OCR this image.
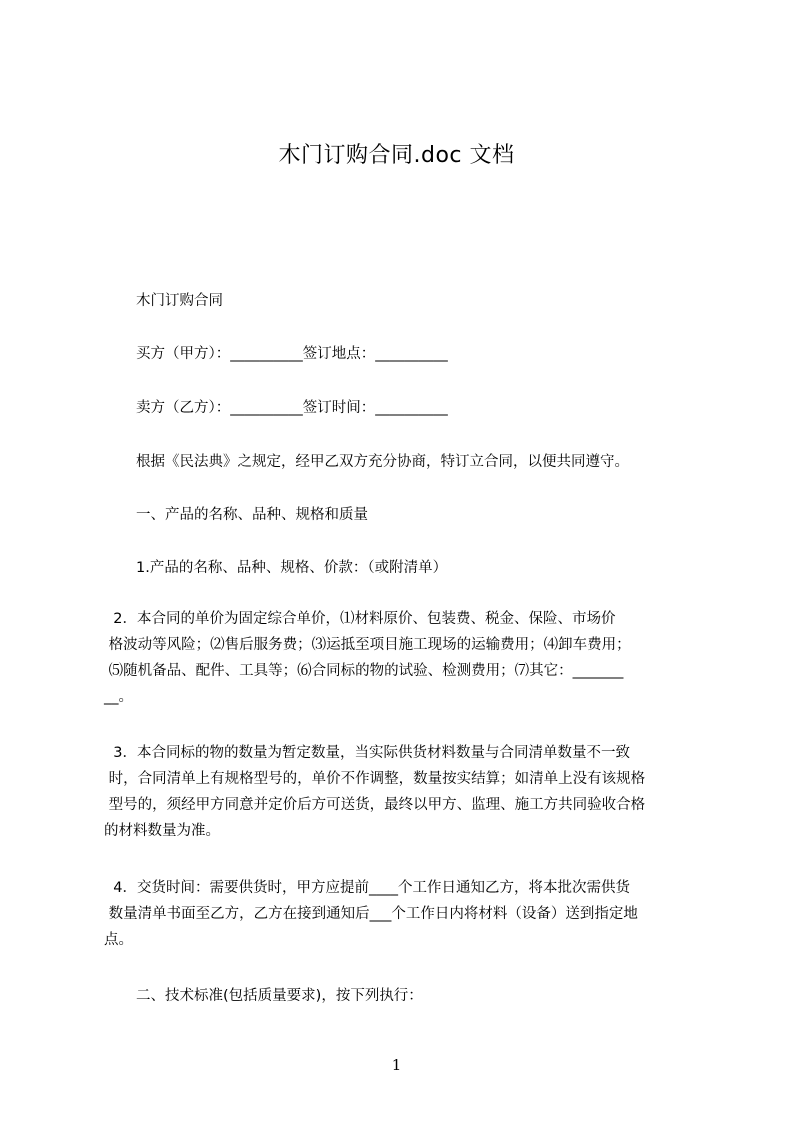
木门订购合同.doc 文档
木门订购合同
买方（甲方）：__________签订地点：__________
卖方（乙方）：__________签订时间：__________
根据《民法典》之规定，经甲乙双方充分协商，特订立合同，以便共同遵守。
一、产品的名称、品种、规格和质量
1.产品的名称、品种、规格、价款：（或附清单）
2．本合同的单价为固定综合单价，⑴材料原价、包装费、税金、保险、市场价
格波动等风险；⑵售后服务费；⑶运抵至项目施工现场的运输费用；⑷卸车费用；
⑸随机备品、配件、工具等；⑹合同标的物的试验、检测费用；⑺其它：_______
__。
3．本合同标的物的数量为暂定数量，当实际供货材料数量与合同清单数量不一致
时，合同清单上有规格型号的，单价不作调整，数量按实结算；如清单上没有该规格
型号的，须经甲方同意并定价后方可送货，最终以甲方、监理、施工方共同验收合格
的材料数量为准。
4．交货时间：需要供货时，甲方应提前____个工作日通知乙方，将本批次需供货
数量清单书面至乙方，乙方在接到通知后___个工作日内将材料（设备）送到指定地
点。
二、技术标准(包括质量要求)，按下列执行：
1
